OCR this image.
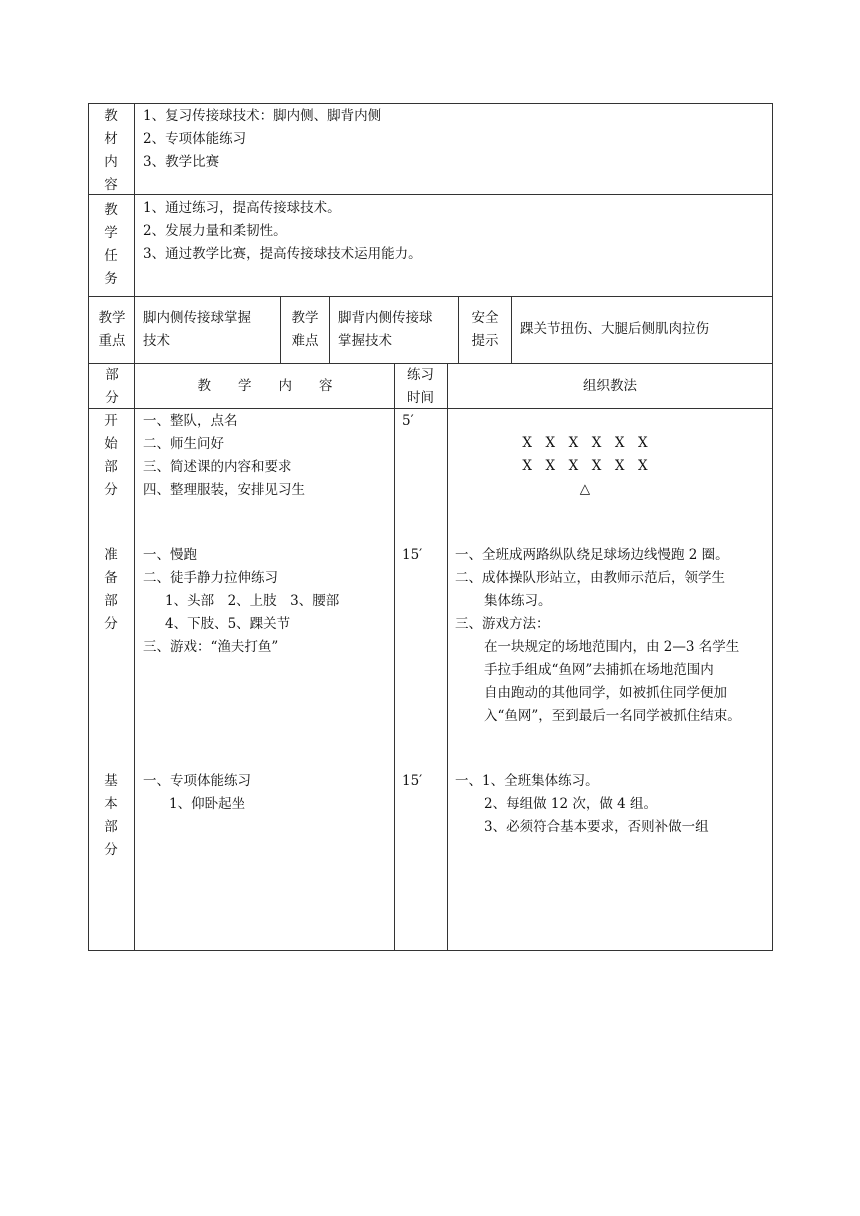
教
材
内
容
1、复习传接球技术：脚内侧、脚背内侧
2、专项体能练习
3、教学比赛
教
学
任
务
1、通过练习，提高传接球技术。
2、发展力量和柔韧性。
3、通过教学比赛，提高传接球技术运用能力。
教学
重点
脚内侧传接球掌握
技术
教学
难点
脚背内侧传接球
掌握技术
安全
提示
踝关节扭伤、大腿后侧肌肉拉伤
部
分
教　　学　　内　　容
练习
时间
组织教法
开
始
部
分
一、整队，点名
二、师生问好
三、简述课的内容和要求
四、整理服装，安排见习生
5′
X　X　X　X　X　X
X　X　X　X　X　X
△
准
备
部
分
一、慢跑
二、徒手静力拉伸练习
1、头部　2、上肢　3、腰部
4、下肢、5、踝关节
三、游戏：“渔夫打鱼”
15′ 一、全班成两路纵队绕足球场边线慢跑 2 圈。
二、成体操队形站立，由教师示范后，领学生
集体练习。
三、游戏方法：
在一块规定的场地范围内，由 2—3 名学生
手拉手组成“鱼网”去捕抓在场地范围内
自由跑动的其他同学，如被抓住同学便加
入“鱼网”，至到最后一名同学被抓住结束。
基
本
部
分
一、专项体能练习
1、仰卧起坐
15′ 一、1、全班集体练习。
2、每组做 12 次，做 4 组。
3、必须符合基本要求，否则补做一组
